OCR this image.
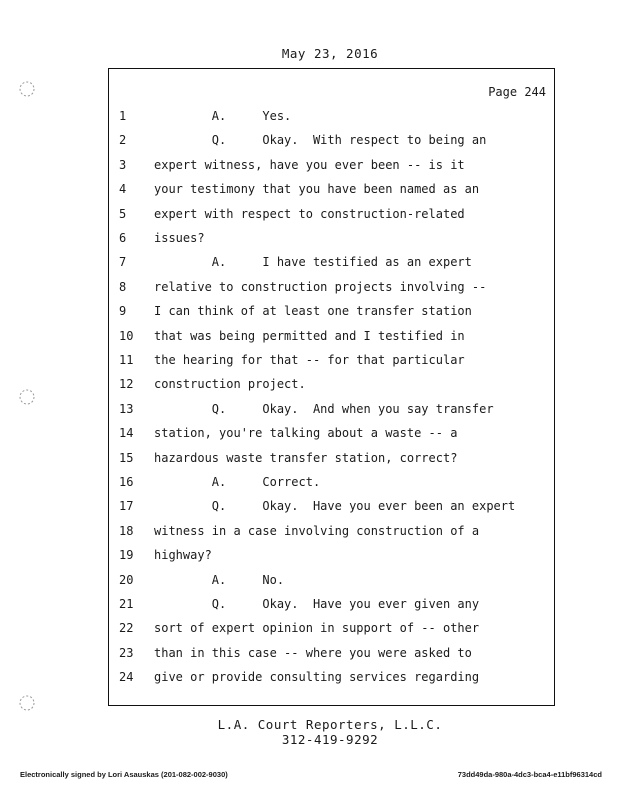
May 23, 2016
Page 244
1	A.     Yes.
2	Q.     Okay.  With respect to being an
3	expert witness, have you ever been -- is it
4	your testimony that you have been named as an
5	expert with respect to construction-related
6	issues?
7	A.     I have testified as an expert
8	relative to construction projects involving --
9	I can think of at least one transfer station
10	that was being permitted and I testified in
11	the hearing for that -- for that particular
12	construction project.
13	Q.     Okay.  And when you say transfer
14	station, you're talking about a waste -- a
15	hazardous waste transfer station, correct?
16	A.     Correct.
17	Q.     Okay.  Have you ever been an expert
18	witness in a case involving construction of a
19	highway?
20	A.     No.
21	Q.     Okay.  Have you ever given any
22	sort of expert opinion in support of -- other
23	than in this case -- where you were asked to
24	give or provide consulting services regarding
L.A. Court Reporters, L.L.C.
312-419-9292
Electronically signed by Lori Asauskas (201-082-002-9030)	73dd49da-980a-4dc3-bca4-e11bf96314cd
